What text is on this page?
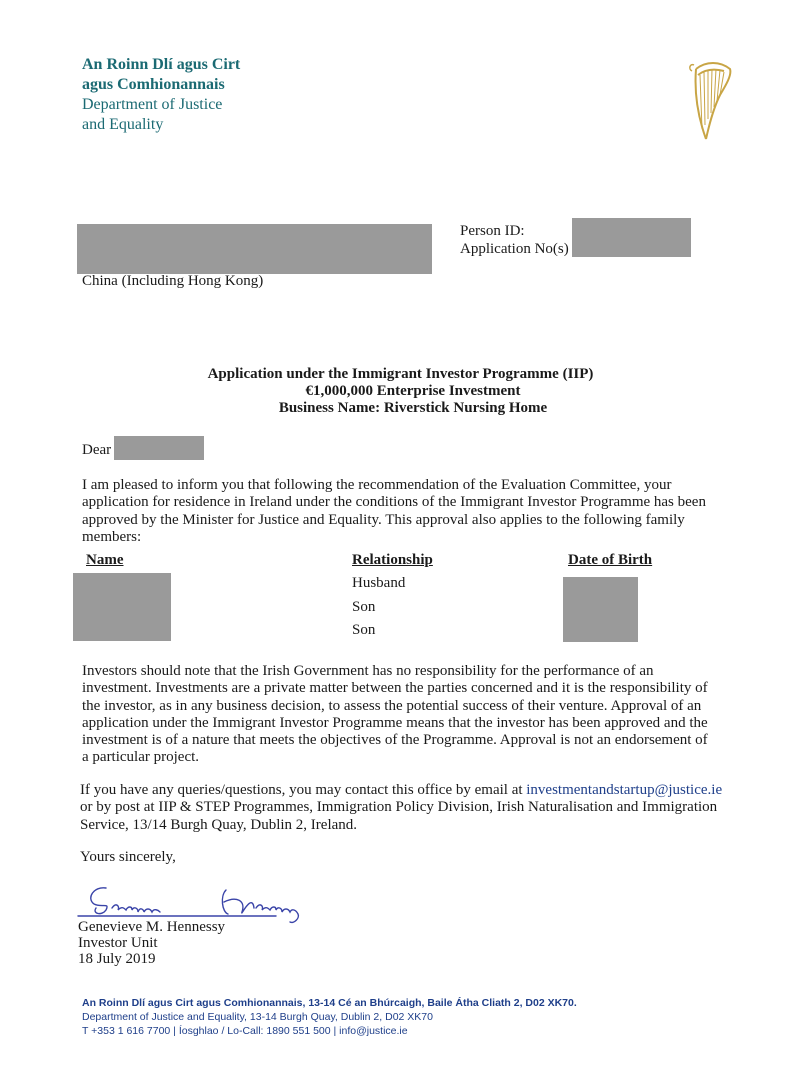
An Roinn Dlí agus Cirt
agus Comhionannais
Department of Justice
and Equality
China (Including Hong Kong)
Person ID:
Application No(s)
Application under the Immigrant Investor Programme (IIP)
€1,000,000 Enterprise Investment
Business Name: Riverstick Nursing Home
Dear
I am pleased to inform you that following the recommendation of the Evaluation Committee, your
application for residence in Ireland under the conditions of the Immigrant Investor Programme has been
approved by the Minister for Justice and Equality. This approval also applies to the following family
members:
Name	Relationship	Date of Birth
Husband
Son
Son
Investors should note that the Irish Government has no responsibility for the performance of an
investment. Investments are a private matter between the parties concerned and it is the responsibility of
the investor, as in any business decision, to assess the potential success of their venture. Approval of an
application under the Immigrant Investor Programme means that the investor has been approved and the
investment is of a nature that meets the objectives of the Programme. Approval is not an endorsement of
a particular project.
If you have any queries/questions, you may contact this office by email at investmentandstartup@justice.ie
or by post at IIP & STEP Programmes, Immigration Policy Division, Irish Naturalisation and Immigration
Service, 13/14 Burgh Quay, Dublin 2, Ireland.
Yours sincerely,
Genevieve M. Hennessy
Investor Unit
18 July 2019
An Roinn Dlí agus Cirt agus Comhionannais, 13-14 Cé an Bhúrcaigh, Baile Átha Cliath 2, D02 XK70.
Department of Justice and Equality, 13-14 Burgh Quay, Dublin 2, D02 XK70
T +353 1 616 7700 | Íosghlao / Lo-Call: 1890 551 500 | info@justice.ie
